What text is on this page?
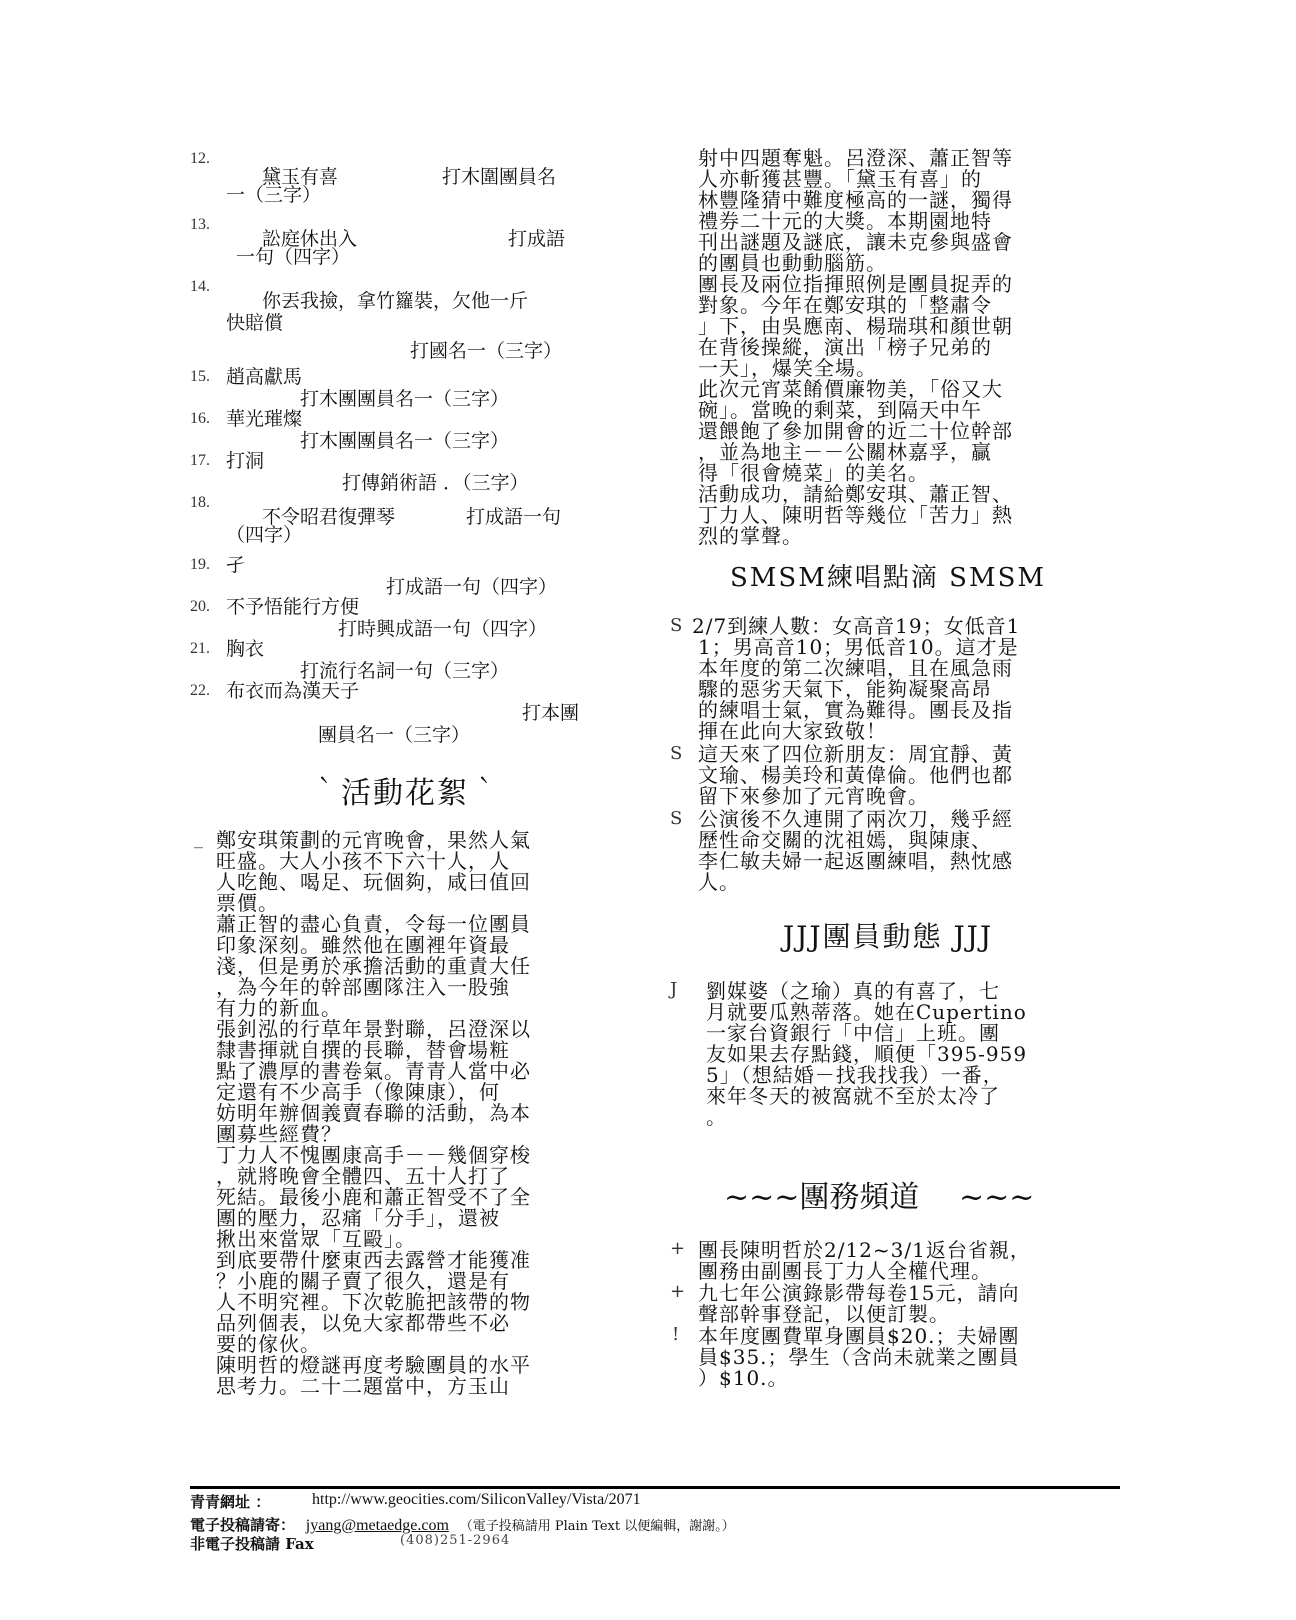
12.
黛玉有喜	打木圍團員名
一（三字）
13.
訟庭休出入	打成語
一句（四字）
14.
你丟我撿，拿竹籮裝，欠他一斤
快賠償
打國名一（三字）
15. 趙高獻馬
打木團團員名一（三字）
16. 華光璀燦
打木團團員名一（三字）
17. 打洞
打傳銷術語 ．（三字）
18.
不令昭君復彈琴	打成語一句
（四字）
19. 孑
打成語一句（四字）
20. 不予悟能行方便
打時興成語一句（四字）
21. 胸衣
打流行名詞一句（三字）
22. 布衣而為漢天子
打本團
團員名一（三字）
｀活動花絮｀
_ 鄭安琪策劃的元宵晚會，果然人氣
旺盛。大人小孩不下六十人，人
人吃飽、喝足、玩個夠，咸曰值回
票價。
蕭正智的盡心負責，令每一位團員
印象深刻。雖然他在團裡年資最
淺，但是勇於承擔活動的重責大任
，為今年的幹部團隊注入一股強
有力的新血。
張釗泓的行草年景對聯，呂澄深以
隸書揮就自撰的長聯，替會場粧
點了濃厚的書卷氣。青青人當中必
定還有不少高手（像陳康），何
妨明年辦個義賣春聯的活動，為本
團募些經費？
丁力人不愧團康高手－－幾個穿梭
，就將晚會全體四、五十人打了
死結。最後小鹿和蕭正智受不了全
團的壓力，忍痛「分手」，還被
揪出來當眾「互毆」。
到底要帶什麼東西去露營才能獲准
？小鹿的關子賣了很久，還是有
人不明究裡。下次乾脆把該帶的物
品列個表，以免大家都帶些不必
要的傢伙。
陳明哲的燈謎再度考驗團員的水平
思考力。二十二題當中，方玉山
射中四題奪魁。呂澄深、蕭正智等
人亦斬獲甚豐。「黛玉有喜」的
林豐隆猜中難度極高的一謎，獨得
禮券二十元的大獎。本期園地特
刊出謎題及謎底，讓未克參與盛會
的團員也動動腦筋。
團長及兩位指揮照例是團員捉弄的
對象。今年在鄭安琪的「整肅令
」下，由吳應南、楊瑞琪和顏世朝
在背後操縱，演出「榜子兄弟的
一天」，爆笑全場。
此次元宵菜餚價廉物美，「俗又大
碗」。當晚的剩菜，到隔天中午
還餵飽了參加開會的近二十位幹部
，並為地主－－公關林嘉孚，贏
得「很會燒菜」的美名。
活動成功，請給鄭安琪、蕭正智、
丁力人、陳明哲等幾位「苦力」熱
烈的掌聲。
SMSM練唱點滴 SMSM
S 2/7到練人數：女高音19；女低音1
1；男高音10；男低音10。這才是
本年度的第二次練唱，且在風急雨
驟的惡劣天氣下，能夠凝聚高昂
的練唱士氣，實為難得。團長及指
揮在此向大家致敬！
S 這天來了四位新朋友：周宜靜、黃
文瑜、楊美玲和黃偉倫。他們也都
留下來參加了元宵晚會。
S 公演後不久連開了兩次刀，幾乎經
歷性命交關的沈祖嫣，與陳康、
李仁敏夫婦一起返團練唱，熱忱感
人。
JJJ團員動態 JJJ
J 劉媒婆（之瑜）真的有喜了，七
月就要瓜熟蒂落。她在Cupertino
一家台資銀行「中信」上班。團
友如果去存點錢，順便「395-959
5」（想結婚－找我找我）一番，
來年冬天的被窩就不至於太冷了
。
~~~團務頻道 ~~~
+ 團長陳明哲於2/12~3/1返台省親，
團務由副團長丁力人全權代理。
+ 九七年公演錄影帶每卷15元，請向
聲部幹事登記，以便訂製。
! 本年度團費單身團員$20.；夫婦團
員$35.；學生（含尚未就業之團員
）$10.。
青青網址 ：	http://www.geocities.com/SiliconValley/Vista/2071
電子投稿請寄： jyang@metaedge.com （電子投稿請用 Plain Text 以便編輯，謝謝。）
非電子投稿請 Fax	(408)251-2964
